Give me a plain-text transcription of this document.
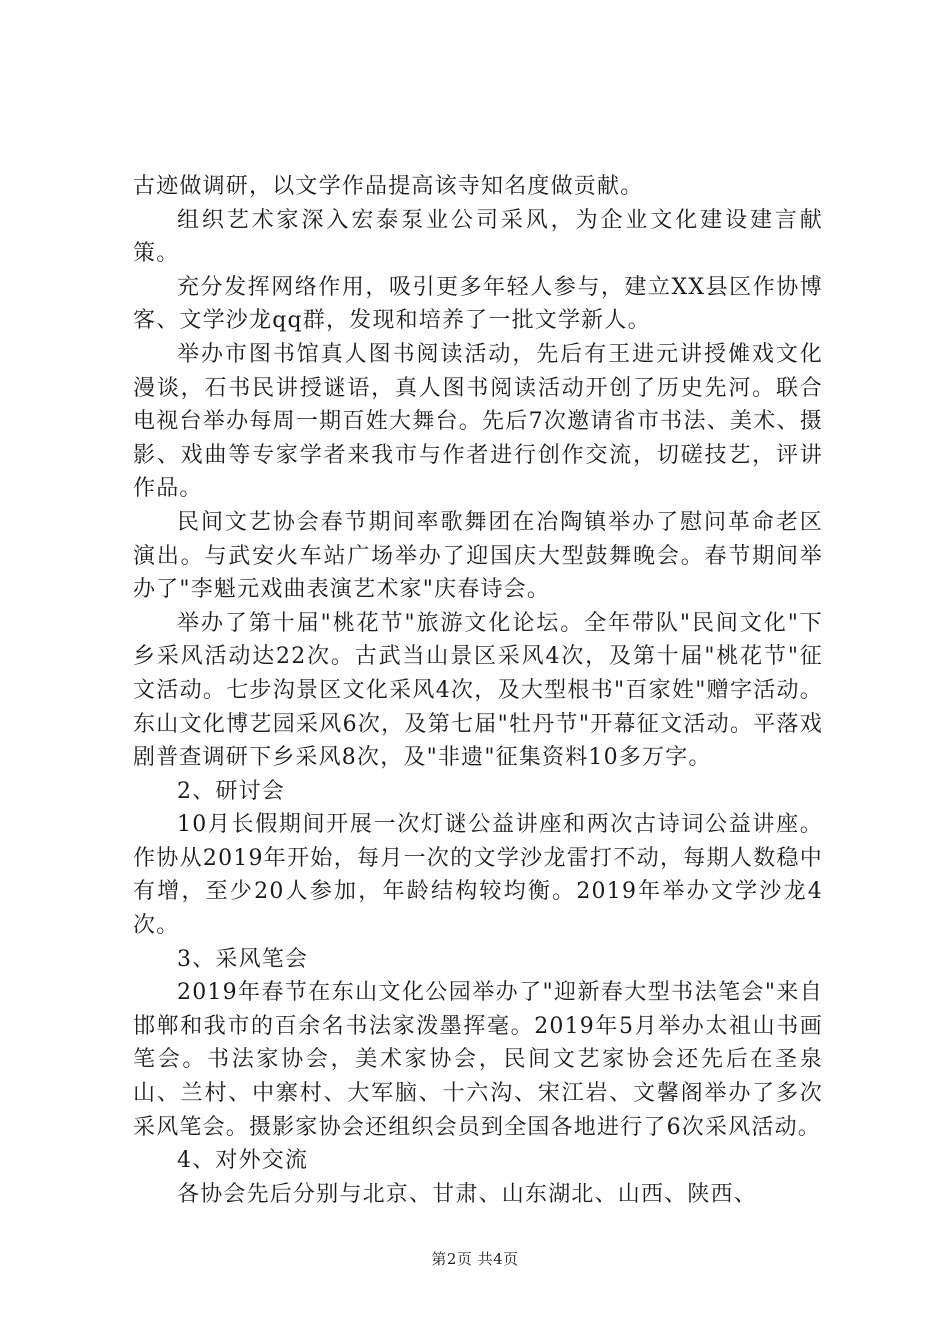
古迹做调研，以文学作品提高该寺知名度做贡献。

组织艺术家深入宏泰泵业公司采风，为企业文化建设建言献策。

充分发挥网络作用，吸引更多年轻人参与，建立XX县区作协博客、文学沙龙qq群，发现和培养了一批文学新人。

举办市图书馆真人图书阅读活动，先后有王进元讲授傩戏文化漫谈，石书民讲授谜语，真人图书阅读活动开创了历史先河。联合电视台举办每周一期百姓大舞台。先后7次邀请省市书法、美术、摄影、戏曲等专家学者来我市与作者进行创作交流，切磋技艺，评讲作品。

民间文艺协会春节期间率歌舞团在冶陶镇举办了慰问革命老区演出。与武安火车站广场举办了迎国庆大型鼓舞晚会。春节期间举办了"李魁元戏曲表演艺术家"庆春诗会。

举办了第十届"桃花节"旅游文化论坛。全年带队"民间文化"下乡采风活动达22次。古武当山景区采风4次，及第十届"桃花节"征文活动。七步沟景区文化采风4次，及大型根书"百家姓"赠字活动。东山文化博艺园采风6次，及第七届"牡丹节"开幕征文活动。平落戏剧普查调研下乡采风8次，及"非遗"征集资料10多万字。

2、研讨会

10月长假期间开展一次灯谜公益讲座和两次古诗词公益讲座。作协从2019年开始，每月一次的文学沙龙雷打不动，每期人数稳中有增，至少20人参加，年龄结构较均衡。2019年举办文学沙龙4次。

3、采风笔会

2019年春节在东山文化公园举办了"迎新春大型书法笔会"来自邯郸和我市的百余名书法家泼墨挥毫。2019年5月举办太祖山书画笔会。书法家协会，美术家协会，民间文艺家协会还先后在圣泉山、兰村、中寨村、大军脑、十六沟、宋江岩、文馨阁举办了多次采风笔会。摄影家协会还组织会员到全国各地进行了6次采风活动。

4、对外交流

各协会先后分别与北京、甘肃、山东湖北、山西、陕西、

第2页 共4页
